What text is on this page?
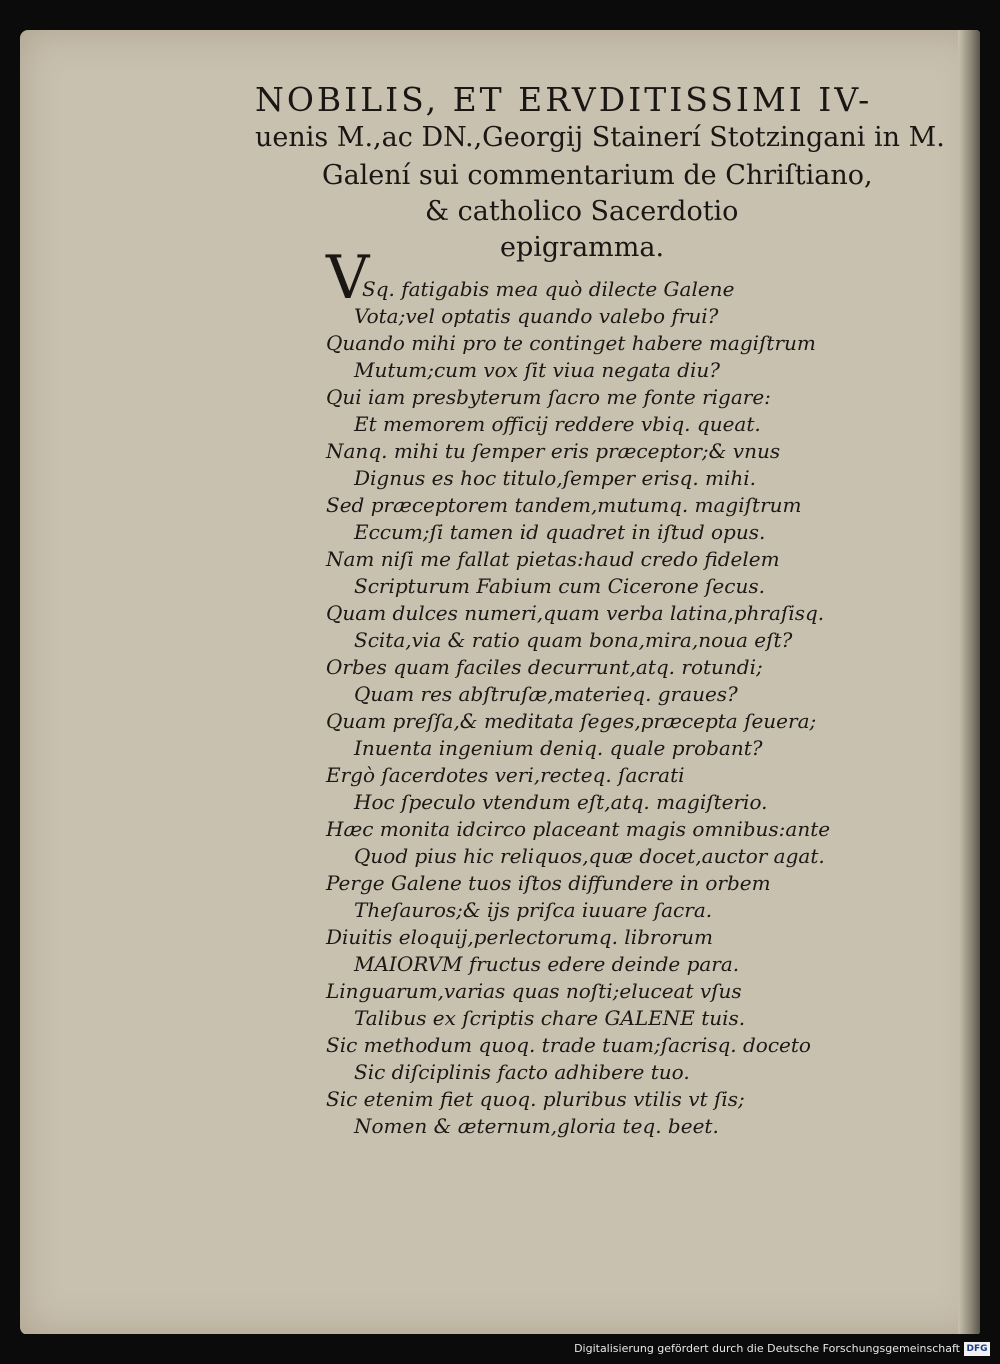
NOBILIS, ET ERVDITISSIMI IV-
uenis M.,ac DN.,Georgij Stainerí Stotzingani in M.
Galení sui commentarium de Chriſtiano,
& catholico Sacerdotio
epigramma.
V
Sq. fatigabis mea quò dilecte Galene
Vota;vel optatis quando valebo frui?
Quando mihi pro te continget habere magiſtrum
Mutum;cum vox ſit viua negata diu?
Qui iam presbyterum ſacro me fonte rigare:
Et memorem officij reddere vbiq. queat.
Nanq. mihi tu ſemper eris præceptor;& vnus
Dignus es hoc titulo,ſemper erisq. mihi.
Sed præceptorem tandem,mutumq. magiſtrum
Eccum;ſi tamen id quadret in iſtud opus.
Nam niſi me fallat pietas:haud credo fidelem
Scripturum Fabium cum Cicerone ſecus.
Quam dulces numeri,quam verba latina,phraſisq.
Scita,via & ratio quam bona,mira,noua eſt?
Orbes quam faciles decurrunt,atq. rotundi;
Quam res abſtruſæ,materieq. graues?
Quam preſſa,& meditata ſeges,præcepta ſeuera;
Inuenta ingenium deniq. quale probant?
Ergò ſacerdotes veri,recteq. ſacrati
Hoc ſpeculo vtendum eſt,atq. magiſterio.
Hæc monita idcirco placeant magis omnibus:ante
Quod pius hic reliquos,quæ docet,auctor agat.
Perge Galene tuos iſtos diffundere in orbem
Theſauros;& ijs priſca iuuare ſacra.
Diuitis eloquij,perlectorumq. librorum
MAIORVM fructus edere deinde para.
Linguarum,varias quas noſti;eluceat vſus
Talibus ex ſcriptis chare GALENE tuis.
Sic methodum quoq. trade tuam;ſacrisq. doceto
Sic diſciplinis facto adhibere tuo.
Sic etenim fiet quoq. pluribus vtilis vt ſis;
Nomen & æternum,gloria teq. beet.
Digitalisierung gefördert durch die Deutsche Forschungsgemeinschaft DFG
